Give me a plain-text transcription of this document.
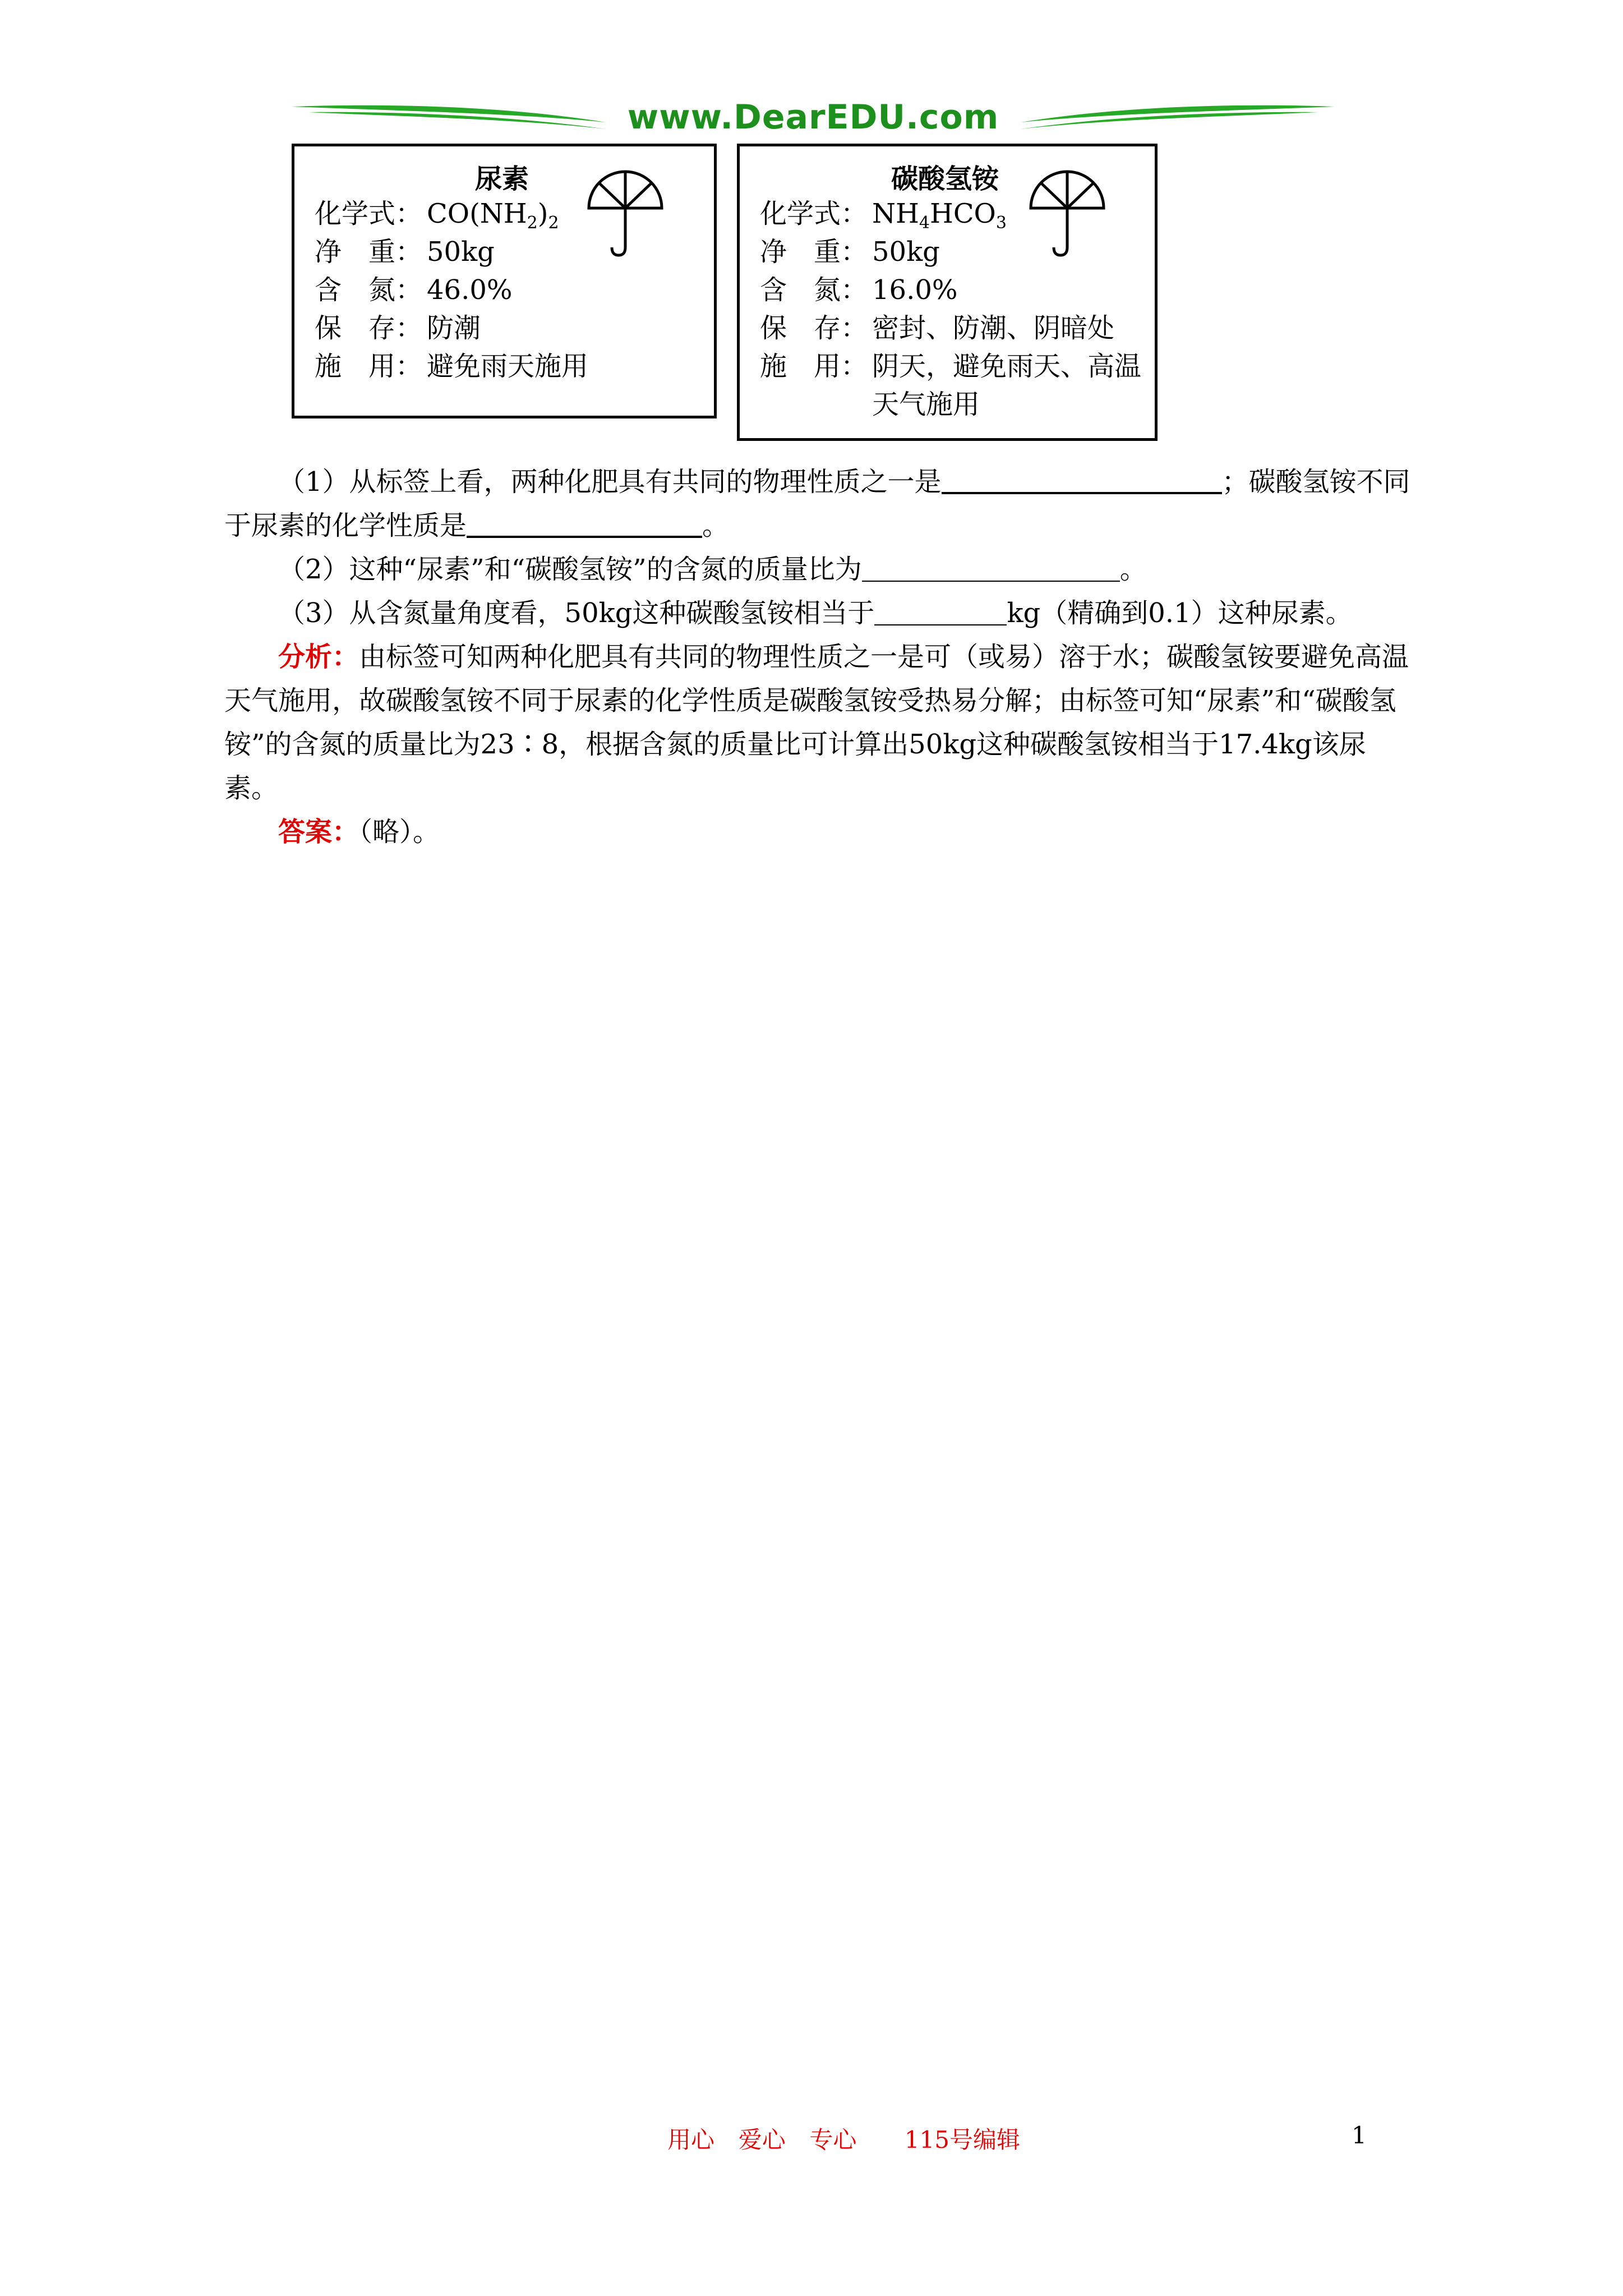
www.DearEDU.com
尿素
化学式： $CO(NH_2)_2$
净　重： 50kg
含　氮： 46.0%
保　存： 防潮
施　用： 避免雨天施用
碳酸氢铵
化学式： $NH_4HCO_3$
净　重： 50kg
含　氮： 16.0%
保　存： 密封、防潮、阴暗处
施　用： 阴天，避免雨天、高温天气施用
（1）从标签上看，两种化肥具有共同的物理性质之一是	；碳酸氢铵不同于尿素的化学性质是	。
（2）这种“尿素”和“碳酸氢铵”的含氮的质量比为	。
（3）从含氮量角度看，50kg这种碳酸氢铵相当于	kg（精确到0.1）这种尿素。
分析：由标签可知两种化肥具有共同的物理性质之一是可（或易）溶于水；碳酸氢铵要避免高温天气施用，故碳酸氢铵不同于尿素的化学性质是碳酸氢铵受热易分解；由标签可知“尿素”和“碳酸氢铵”的含氮的质量比为23∶8，根据含氮的质量比可计算出50kg这种碳酸氢铵相当于17.4kg该尿素。
答案：（略）。
用心  爱心  专心    115号编辑	1
